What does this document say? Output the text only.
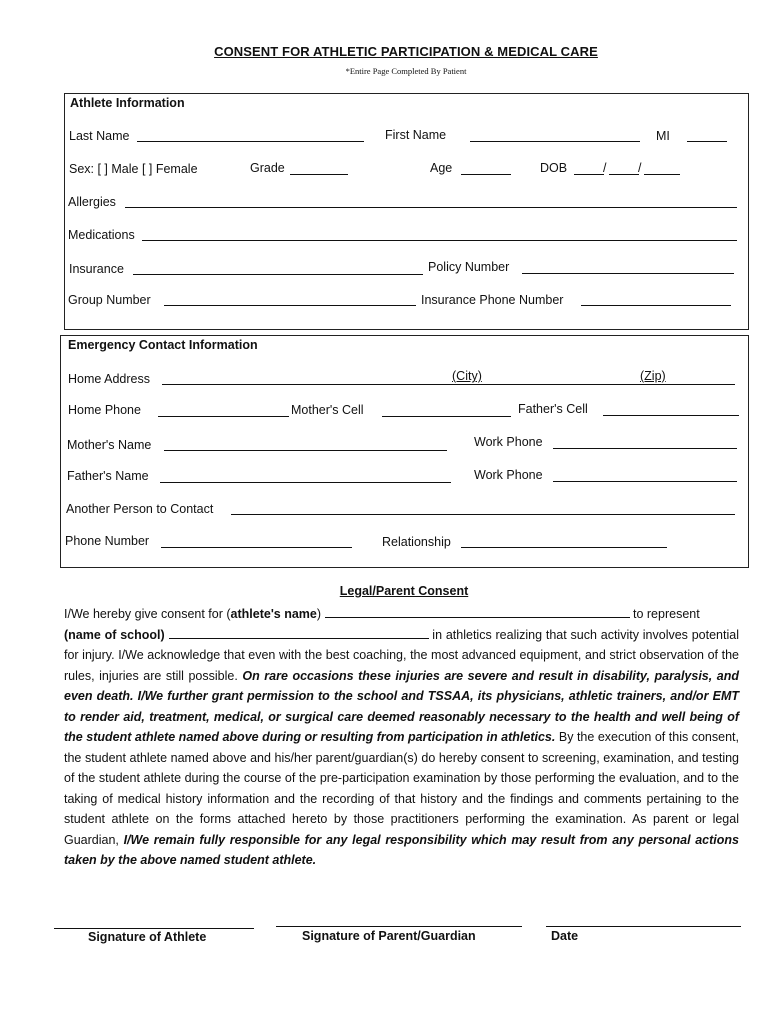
CONSENT FOR ATHLETIC PARTICIPATION & MEDICAL CARE
*Entire Page Completed By Patient
Athlete Information
Last Name	First Name	MI
Sex: [ ] Male [ ] Female	Grade	Age	DOB	/	/
Allergies
Medications
Insurance	Policy Number
Group Number	Insurance Phone Number
Emergency Contact Information
Home Address	(City)	(Zip)
Home Phone	Mother's Cell	Father's Cell
Mother's Name	Work Phone
Father's Name	Work Phone
Another Person to Contact
Phone Number	Relationship
Legal/Parent Consent
I/We hereby give consent for (athlete's name)	to represent
(name of school)	in athletics realizing that such activity involves potential for injury. I/We acknowledge that even with the best coaching, the most advanced equipment, and strict observation of the rules, injuries are still possible. On rare occasions these injuries are severe and result in disability, paralysis, and even death. I/We further grant permission to the school and TSSAA, its physicians, athletic trainers, and/or EMT to render aid, treatment, medical, or surgical care deemed reasonably necessary to the health and well being of the student athlete named above during or resulting from participation in athletics. By the execution of this consent, the student athlete named above and his/her parent/guardian(s) do hereby consent to screening, examination, and testing of the student athlete during the course of the pre-participation examination by those performing the evaluation, and to the taking of medical history information and the recording of that history and the findings and comments pertaining to the student athlete on the forms attached hereto by those practitioners performing the examination. As parent or legal Guardian, I/We remain fully responsible for any legal responsibility which may result from any personal actions taken by the above named student athlete.
Signature of Athlete	Signature of Parent/Guardian	Date
